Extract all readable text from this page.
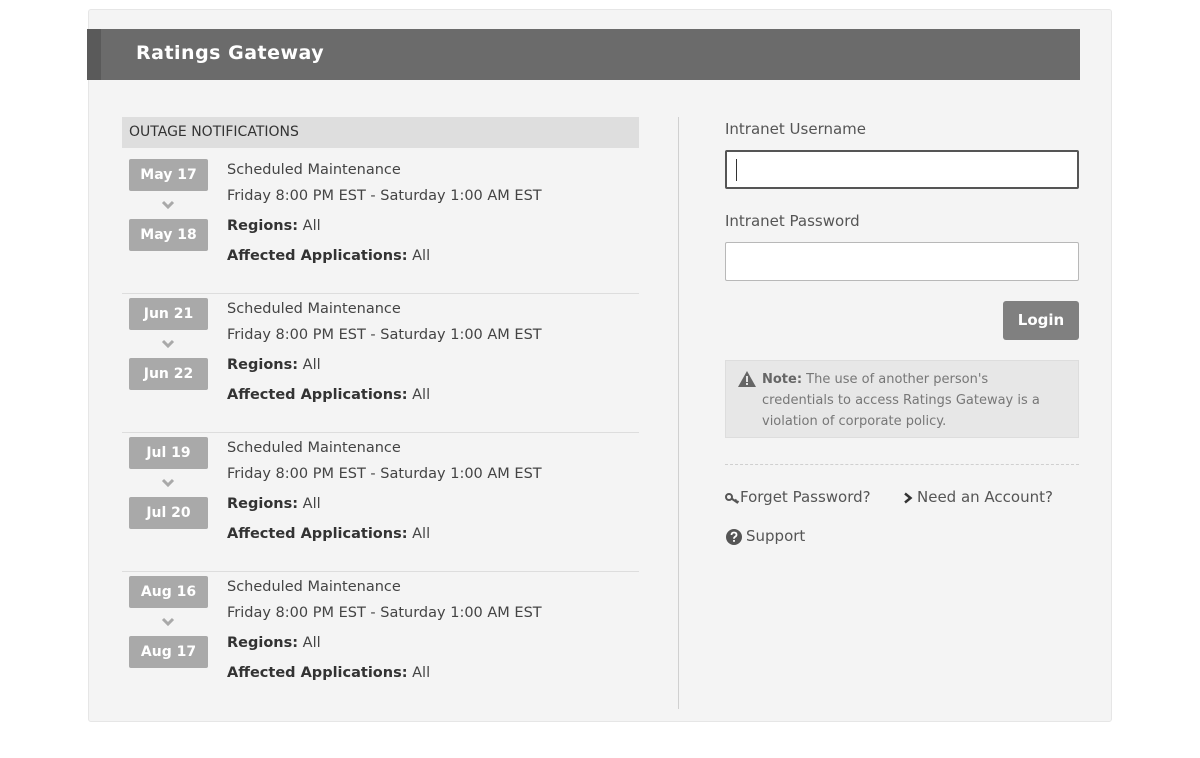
Ratings Gateway
OUTAGE NOTIFICATIONS
May 17
May 18
Scheduled Maintenance
Friday 8:00 PM EST - Saturday 1:00 AM EST
Regions: All
Affected Applications: All
Jun 21
Jun 22
Scheduled Maintenance
Friday 8:00 PM EST - Saturday 1:00 AM EST
Regions: All
Affected Applications: All
Jul 19
Jul 20
Scheduled Maintenance
Friday 8:00 PM EST - Saturday 1:00 AM EST
Regions: All
Affected Applications: All
Aug 16
Aug 17
Scheduled Maintenance
Friday 8:00 PM EST - Saturday 1:00 AM EST
Regions: All
Affected Applications: All
Intranet Username
Intranet Password
Login
Note: The use of another person's credentials to access Ratings Gateway is a violation of corporate policy.
Forget Password?	Need an Account?
Support
